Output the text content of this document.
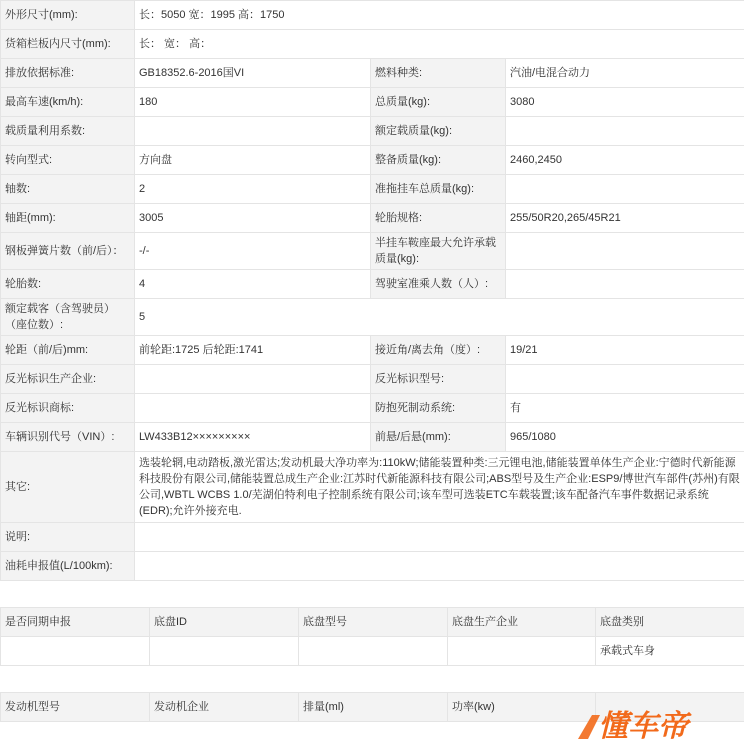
外形尺寸(mm):	长：5050 宽：1995 高：1750		
货箱栏板内尺寸(mm):	长： 宽： 高：		
排放依据标准:	GB18352.6-2016国VI	燃料种类:	汽油/电混合动力
最高车速(km/h):	180	总质量(kg):	3080
载质量利用系数:		额定载质量(kg):	
转向型式:	方向盘	整备质量(kg):	2460,2450
轴数:	2	准拖挂车总质量(kg):	
轴距(mm):	3005	轮胎规格:	255/50R20,265/45R21
钢板弹簧片数（前/后）：	-/-	半挂车鞍座最大允许承载质量(kg):	
轮胎数:	4	驾驶室准乘人数（人）:	
额定载客（含驾驶员）（座位数）:	5		
轮距（前/后)mm:	前轮距:1725 后轮距:1741	接近角/离去角（度）:	19/21
反光标识生产企业:		反光标识型号:	
反光标识商标:		防抱死制动系统:	有
车辆识别代号（VIN）:	LW433B12×××××××××	前悬/后悬(mm):	965/1080
其它:	选装轮辋,电动踏板,激光雷达;发动机最大净功率为:110kW;储能装置种类:三元锂电池,储能装置单体生产企业:宁德时代新能源科技股份有限公司,储能装置总成生产企业:江苏时代新能源科技有限公司;ABS型号及生产企业:ESP9/博世汽车部件(苏州)有限公司,WBTL WCBS 1.0/芜湖伯特利电子控制系统有限公司;该车型可选装ETC车载装置;该车配备汽车事件数据记录系统(EDR);允许外接充电.		
说明:			
油耗申报值(L/100km):			
是否同期申报	底盘ID	底盘型号	底盘生产企业	底盘类别
				承载式车身
发动机型号	发动机企业	排量(ml)	功率(kw)	
懂车帝
